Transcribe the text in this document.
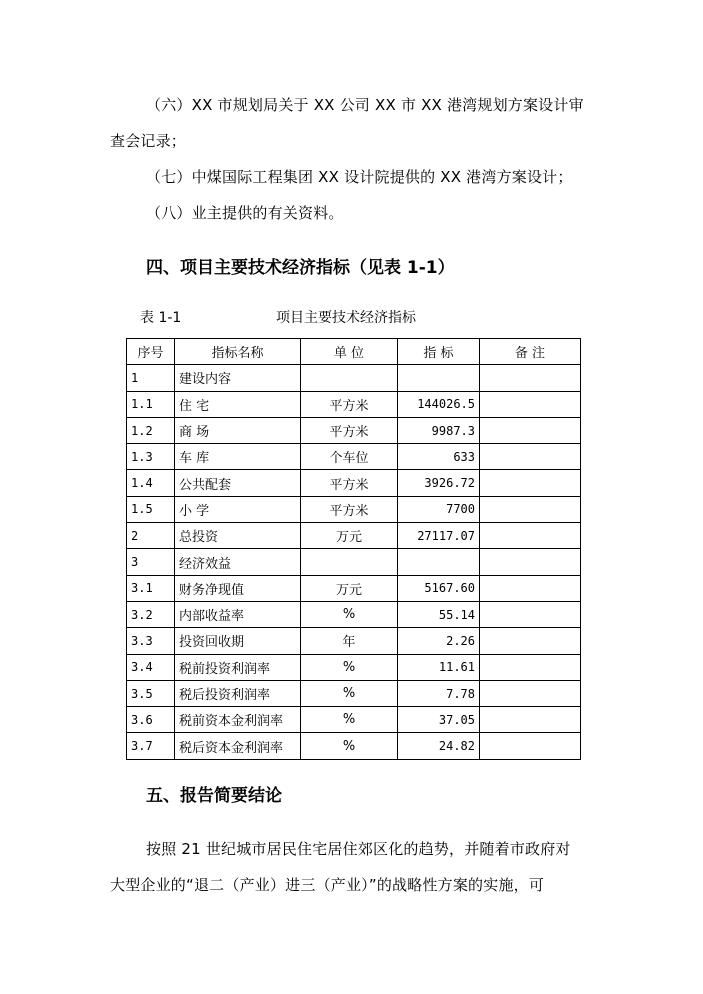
（六）XX 市规划局关于 XX 公司 XX 市 XX 港湾规划方案设计审
查会记录；
（七）中煤国际工程集团 XX 设计院提供的 XX 港湾方案设计；
（八）业主提供的有关资料。
四、项目主要技术经济指标（见表 1-1）
表 1-1	项目主要技术经济指标
序号	指标名称	单 位	指 标	备 注
1	建设内容			
1.1	住 宅	平方米	144026.5	
1.2	商 场	平方米	9987.3	
1.3	车 库	个车位	633	
1.4	公共配套	平方米	3926.72	
1.5	小 学	平方米	7700	
2	总投资	万元	27117.07	
3	经济效益			
3.1	财务净现值	万元	5167.60	
3.2	内部收益率	%	55.14	
3.3	投资回收期	年	2.26	
3.4	税前投资利润率	%	11.61	
3.5	税后投资利润率	%	7.78	
3.6	税前资本金利润率	%	37.05	
3.7	税后资本金利润率	%	24.82	
五、报告简要结论
按照 21 世纪城市居民住宅居住郊区化的趋势，并随着市政府对
大型企业的“退二（产业）进三（产业）”的战略性方案的实施，可
